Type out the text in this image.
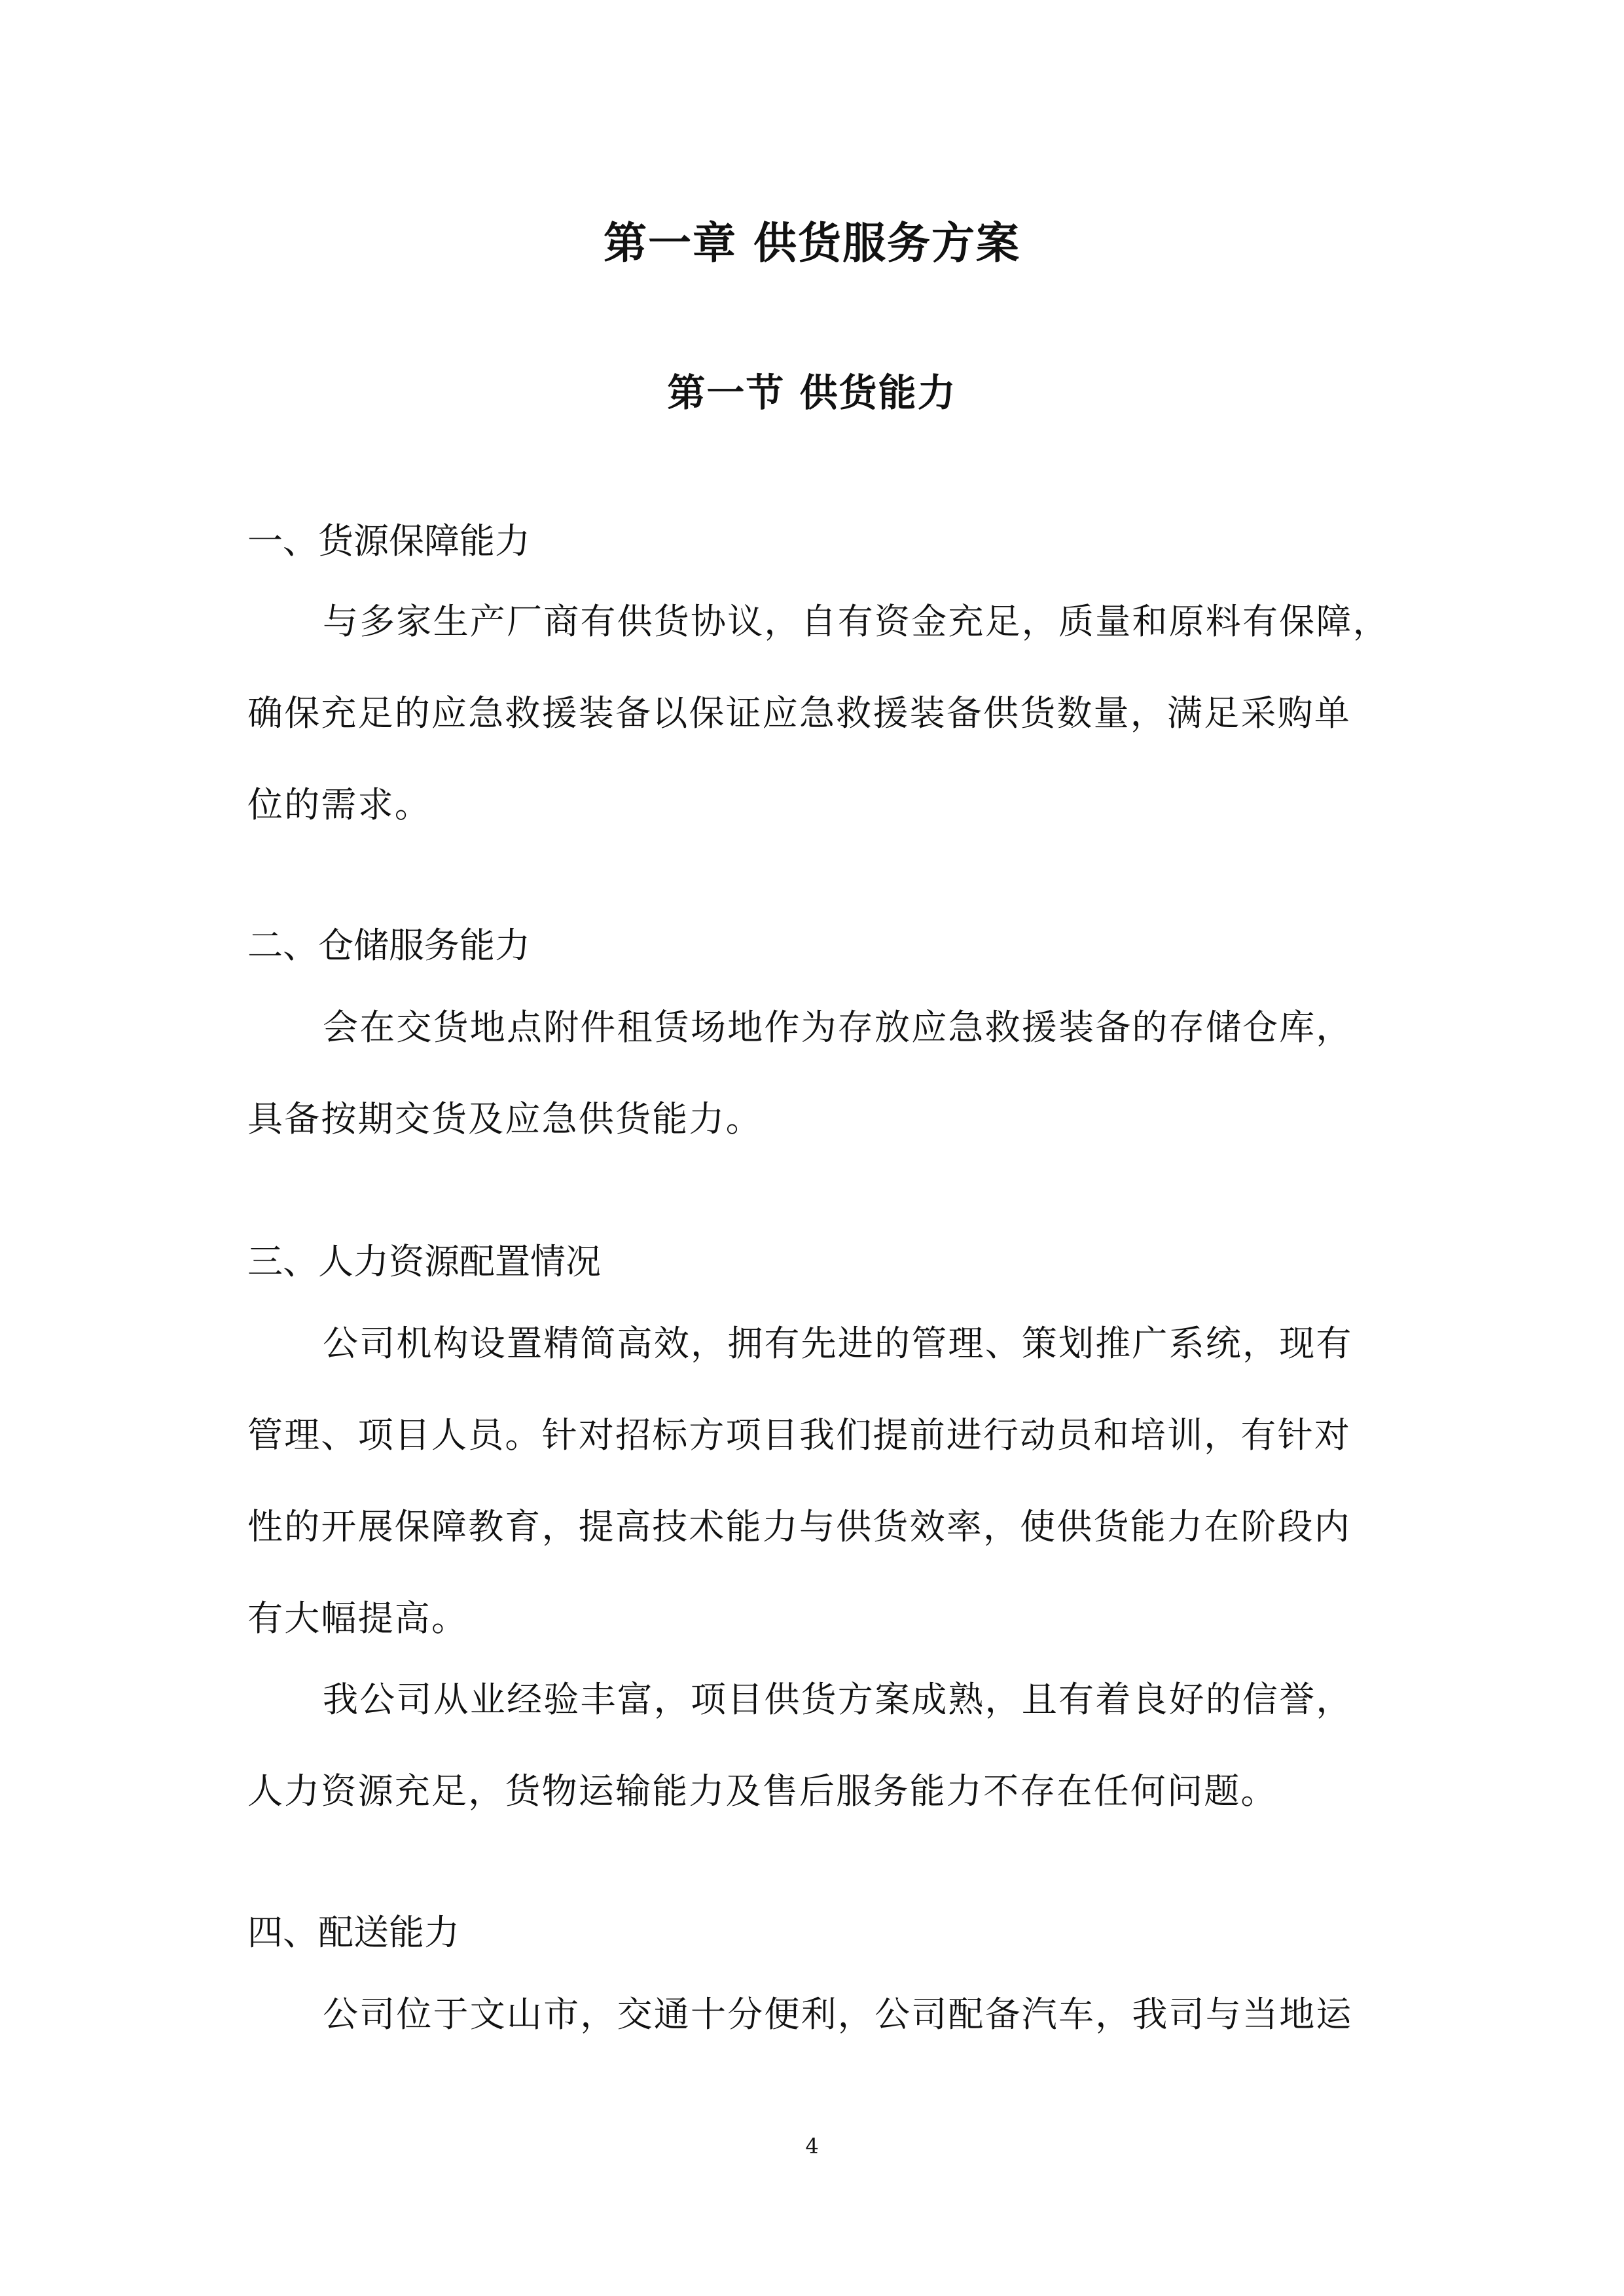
第一章 供货服务方案
第一节 供货能力
一、货源保障能力
与多家生产厂商有供货协议，自有资金充足，质量和原料有保障，
确保充足的应急救援装备以保证应急救援装备供货数量，满足采购单
位的需求。
二、仓储服务能力
会在交货地点附件租赁场地作为存放应急救援装备的存储仓库，
具备按期交货及应急供货能力。
三、人力资源配置情况
公司机构设置精简高效，拥有先进的管理、策划推广系统，现有
管理、项目人员。针对招标方项目我们提前进行动员和培训，有针对
性的开展保障教育，提高技术能力与供货效率，使供货能力在阶段内
有大幅提高。
我公司从业经验丰富，项目供货方案成熟，且有着良好的信誉，
人力资源充足，货物运输能力及售后服务能力不存在任何问题。
四、配送能力
公司位于文山市，交通十分便利，公司配备汽车，我司与当地运
4
